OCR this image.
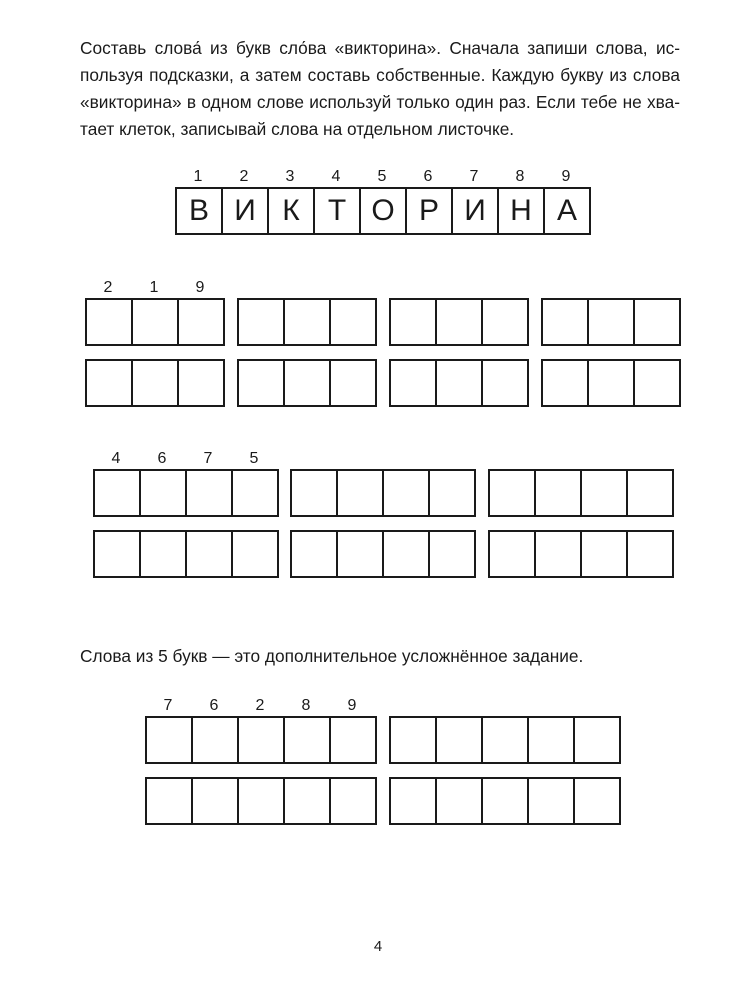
Составь слова́ из букв сло́ва «викторина». Сначала запиши слова, ис-
пользуя подсказки, а затем составь собственные. Каждую букву из слова
«викторина» в одном слове используй только один раз. Если тебе не хва-
тает клеток, записывай слова на отдельном листочке.
1	2	3	4	5	6	7	8	9
В И К Т О Р И Н А
2	1	9
4	6	7	5

Слова из 5 букв — это дополнительное усложнённое задание.

7	6	2	8	9
4
